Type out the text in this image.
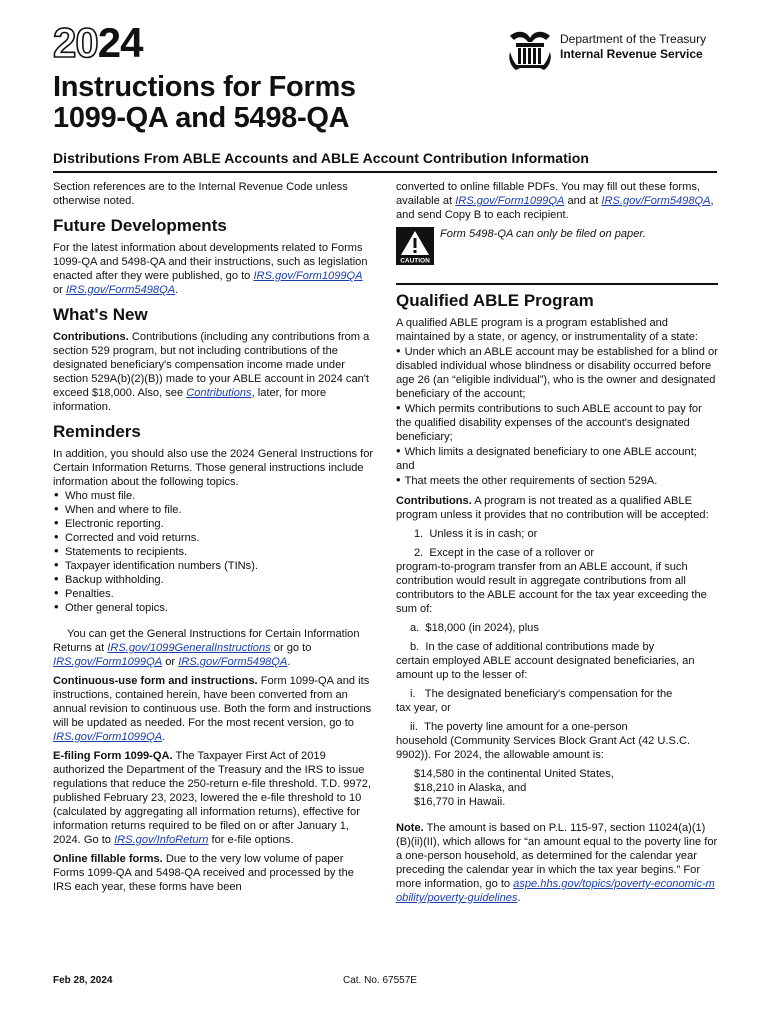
2024	Department of the Treasury
Internal Revenue Service
Instructions for Forms
1099-QA and 5498-QA
Distributions From ABLE Accounts and ABLE Account Contribution Information

Section references are to the Internal Revenue Code unless otherwise noted.

Future Developments

For the latest information about developments related to Forms 1099-QA and 5498-QA and their instructions, such as legislation enacted after they were published, go to IRS.gov/Form1099QA or IRS.gov/Form5498QA.

What's New

Contributions. Contributions (including any contributions from a section 529 program, but not including contributions of the designated beneficiary's compensation income made under section 529A(b)(2)(B)) made to your ABLE account in 2024 can't exceed $18,000. Also, see Contributions, later, for more information.

Reminders

In addition, you should also use the 2024 General Instructions for Certain Information Returns. Those general instructions include information about the following topics.

• Who must file.
• When and where to file.
• Electronic reporting.
• Corrected and void returns.
• Statements to recipients.
• Taxpayer identification numbers (TINs).
• Backup withholding.
• Penalties.
• Other general topics.

You can get the General Instructions for Certain Information Returns at IRS.gov/1099GeneralInstructions or go to IRS.gov/Form1099QA or IRS.gov/Form5498QA.

Continuous-use form and instructions. Form 1099-QA and its instructions, contained herein, have been converted from an annual revision to continuous use. Both the form and instructions will be updated as needed. For the most recent version, go to IRS.gov/Form1099QA.

E-filing Form 1099-QA. The Taxpayer First Act of 2019 authorized the Department of the Treasury and the IRS to issue regulations that reduce the 250-return e-file threshold. T.D. 9972, published February 23, 2023, lowered the e-file threshold to 10 (calculated by aggregating all information returns), effective for information returns required to be filed on or after January 1, 2024. Go to IRS.gov/InfoReturn for e-file options.

Online fillable forms. Due to the very low volume of paper Forms 1099-QA and 5498-QA received and processed by the IRS each year, these forms have been

converted to online fillable PDFs. You may fill out these forms, available at IRS.gov/Form1099QA and at IRS.gov/Form5498QA, and send Copy B to each recipient.

CAUTION
Form 5498-QA can only be filed on paper.
Qualified ABLE Program

A qualified ABLE program is a program established and maintained by a state, or agency, or instrumentality of a state:

• Under which an ABLE account may be established for a blind or disabled individual whose blindness or disability occurred before age 26 (an “eligible individual”), who is the owner and designated beneficiary of the account;
• Which permits contributions to such ABLE account to pay for the qualified disability expenses of the account's designated beneficiary;
• Which limits a designated beneficiary to one ABLE account; and
• That meets the other requirements of section 529A.

Contributions. A program is not treated as a qualified ABLE program unless it provides that no contribution will be accepted:

1.  Unless it is in cash; or

2.  Except in the case of a rollover or
program-to-program transfer from an ABLE account, if such contribution would result in aggregate contributions from all contributors to the ABLE account for the tax year exceeding the sum of:

a.  $18,000 (in 2024), plus

b.  In the case of additional contributions made by
certain employed ABLE account designated beneficiaries, an amount up to the lesser of:

i.   The designated beneficiary's compensation for the
tax year, or

ii.  The poverty line amount for a one-person
household (Community Services Block Grant Act (42 U.S.C. 9902)). For 2024, the allowable amount is:

$14,580 in the continental United States,
$18,210 in Alaska, and
$16,770 in Hawaii.

Note. The amount is based on P.L. 115-97, section 11024(a)(1)(B)(ii)(II), which allows for “an amount equal to the poverty line for a one-person household, as determined for the calendar year preceding the calendar year in which the tax year begins.” For more information, go to aspe.hhs.gov/topics/poverty-economic-mobility/poverty-guidelines.

Feb 28, 2024	Cat. No. 67557E
